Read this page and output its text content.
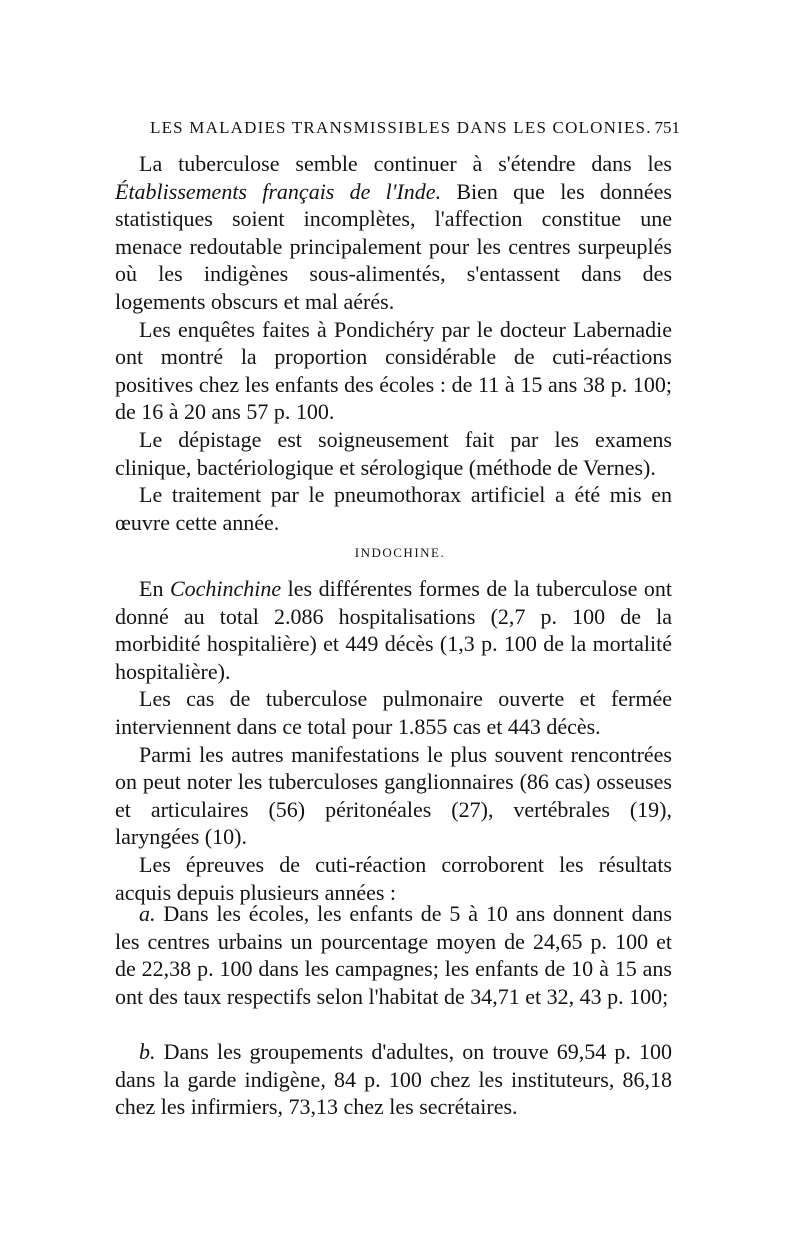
LES MALADIES TRANSMISSIBLES DANS LES COLONIES. 751

La tuberculose semble continuer à s'étendre dans les Établissements français de l'Inde. Bien que les données statistiques soient incomplètes, l'affection constitue une menace redoutable principalement pour les centres surpeuplés où les indigènes sous-alimentés, s'entassent dans des logements obscurs et mal aérés.

Les enquêtes faites à Pondichéry par le docteur Labernadie ont montré la proportion considérable de cuti-réactions positives chez les enfants des écoles : de 11 à 15 ans 38 p. 100; de 16 à 20 ans 57 p. 100.

Le dépistage est soigneusement fait par les examens clinique, bactériologique et sérologique (méthode de Vernes).

Le traitement par le pneumothorax artificiel a été mis en œuvre cette année.

INDOCHINE.

En Cochinchine les différentes formes de la tuberculose ont donné au total 2.086 hospitalisations (2,7 p. 100 de la morbidité hospitalière) et 449 décès (1,3 p. 100 de la mortalité hospitalière).

Les cas de tuberculose pulmonaire ouverte et fermée interviennent dans ce total pour 1.855 cas et 443 décès.

Parmi les autres manifestations le plus souvent rencontrées on peut noter les tuberculoses ganglionnaires (86 cas) osseuses et articulaires (56) péritonéales (27), vertébrales (19), laryngées (10).

Les épreuves de cuti-réaction corroborent les résultats acquis depuis plusieurs années :

a. Dans les écoles, les enfants de 5 à 10 ans donnent dans les centres urbains un pourcentage moyen de 24,65 p. 100 et de 22,38 p. 100 dans les campagnes; les enfants de 10 à 15 ans ont des taux respectifs selon l'habitat de 34,71 et 32, 43 p. 100;

b. Dans les groupements d'adultes, on trouve 69,54 p. 100 dans la garde indigène, 84 p. 100 chez les instituteurs, 86,18 chez les infirmiers, 73,13 chez les secrétaires.
